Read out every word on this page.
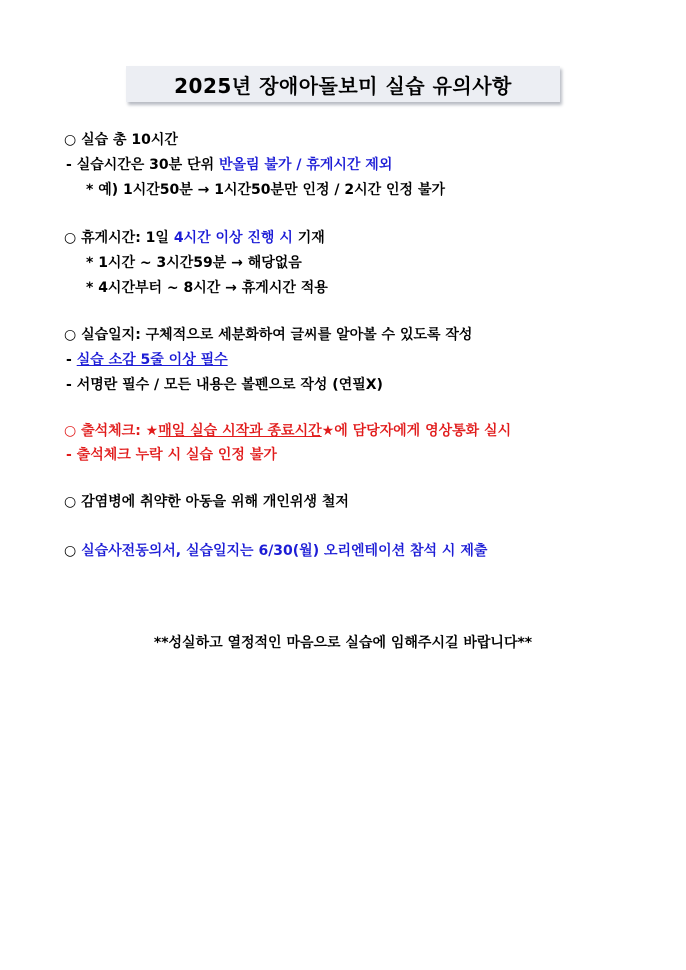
2025년 장애아돌보미 실습 유의사항
○ 실습 총 10시간
- 실습시간은 30분 단위 반올림 불가 / 휴게시간 제외
* 예) 1시간50분 → 1시간50분만 인정 / 2시간 인정 불가
○ 휴게시간: 1일 4시간 이상 진행 시 기재
* 1시간 ~ 3시간59분 → 해당없음
* 4시간부터 ~ 8시간 → 휴게시간 적용
○ 실습일지: 구체적으로 세분화하여 글씨를 알아볼 수 있도록 작성
- 실습 소감 5줄 이상 필수
- 서명란 필수 / 모든 내용은 볼펜으로 작성 (연필X)
○ 출석체크: ★매일 실습 시작과 종료시간★에 담당자에게 영상통화 실시
- 출석체크 누락 시 실습 인정 불가
○ 감염병에 취약한 아동을 위해 개인위생 철저
○ 실습사전동의서, 실습일지는 6/30(월) 오리엔테이션 참석 시 제출
**성실하고 열정적인 마음으로 실습에 임해주시길 바랍니다**
